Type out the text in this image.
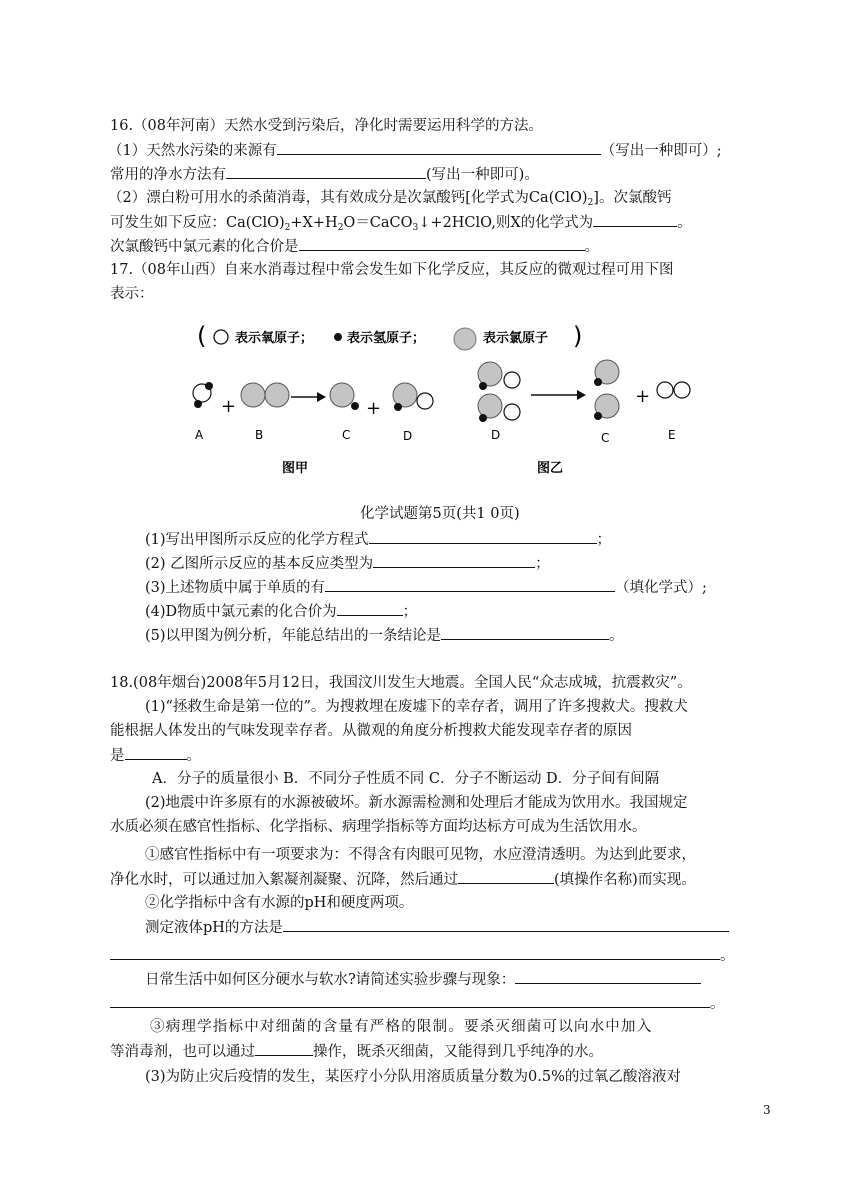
16.（08年河南）天然水受到污染后，净化时需要运用科学的方法。
（1）天然水污染的来源有	（写出一种即可）;
常用的净水方法有	(写出一种即可)。
（2）漂白粉可用水的杀菌消毒，其有效成分是次氯酸钙[化学式为$Ca(ClO)_2$]。次氯酸钙
可发生如下反应：$Ca(ClO)_2+X+H_2O=CaCO_3↓+2HClO$,则X的化学式为	。
次氯酸钙中氯元素的化合价是	。
17.（08年山西）自来水消毒过程中常会发生如下化学反应，其反应的微观过程可用下图
表示：
( 表示氧原子；	表示氢原子；	表示氯原子 )
+	+
+
A	B	C	D	D	C	E
图甲	图乙
化学试题第5页(共1 0页)
(1)写出甲图所示反应的化学方程式	；
(2) 乙图所示反应的基本反应类型为	；
(3)上述物质中属于单质的有	（填化学式）;
(4)D物质中氯元素的化合价为	；
(5)以甲图为例分析，年能总结出的一条结论是	。
18.(08年烟台)2008年5月12日，我国汶川发生大地震。全国人民“众志成城，抗震救灾”。
(1)“拯救生命是第一位的”。为搜救埋在废墟下的幸存者，调用了许多搜救犬。搜救犬
能根据人体发出的气味发现幸存者。从微观的角度分析搜救犬能发现幸存者的原因
是	。
A．分子的质量很小 B．不同分子性质不同 C．分子不断运动 D．分子间有间隔
(2)地震中许多原有的水源被破坏。新水源需检测和处理后才能成为饮用水。我国规定
水质必须在感官性指标、化学指标、病理学指标等方面均达标方可成为生活饮用水。
①感官性指标中有一项要求为：不得含有肉眼可见物，水应澄清透明。为达到此要求，
净化水时，可以通过加入絮凝剂凝聚、沉降，然后通过	(填操作名称)而实现。
②化学指标中含有水源的pH和硬度两项。
测定液体pH的方法是
。
日常生活中如何区分硬水与软水?请简述实验步骤与现象：
。
③病理学指标中对细菌的含量有严格的限制。要杀灭细菌可以向水中加入
等消毒剂，也可以通过	操作，既杀灭细菌，又能得到几乎纯净的水。
(3)为防止灾后疫情的发生，某医疗小分队用溶质质量分数为0.5%的过氧乙酸溶液对
3
